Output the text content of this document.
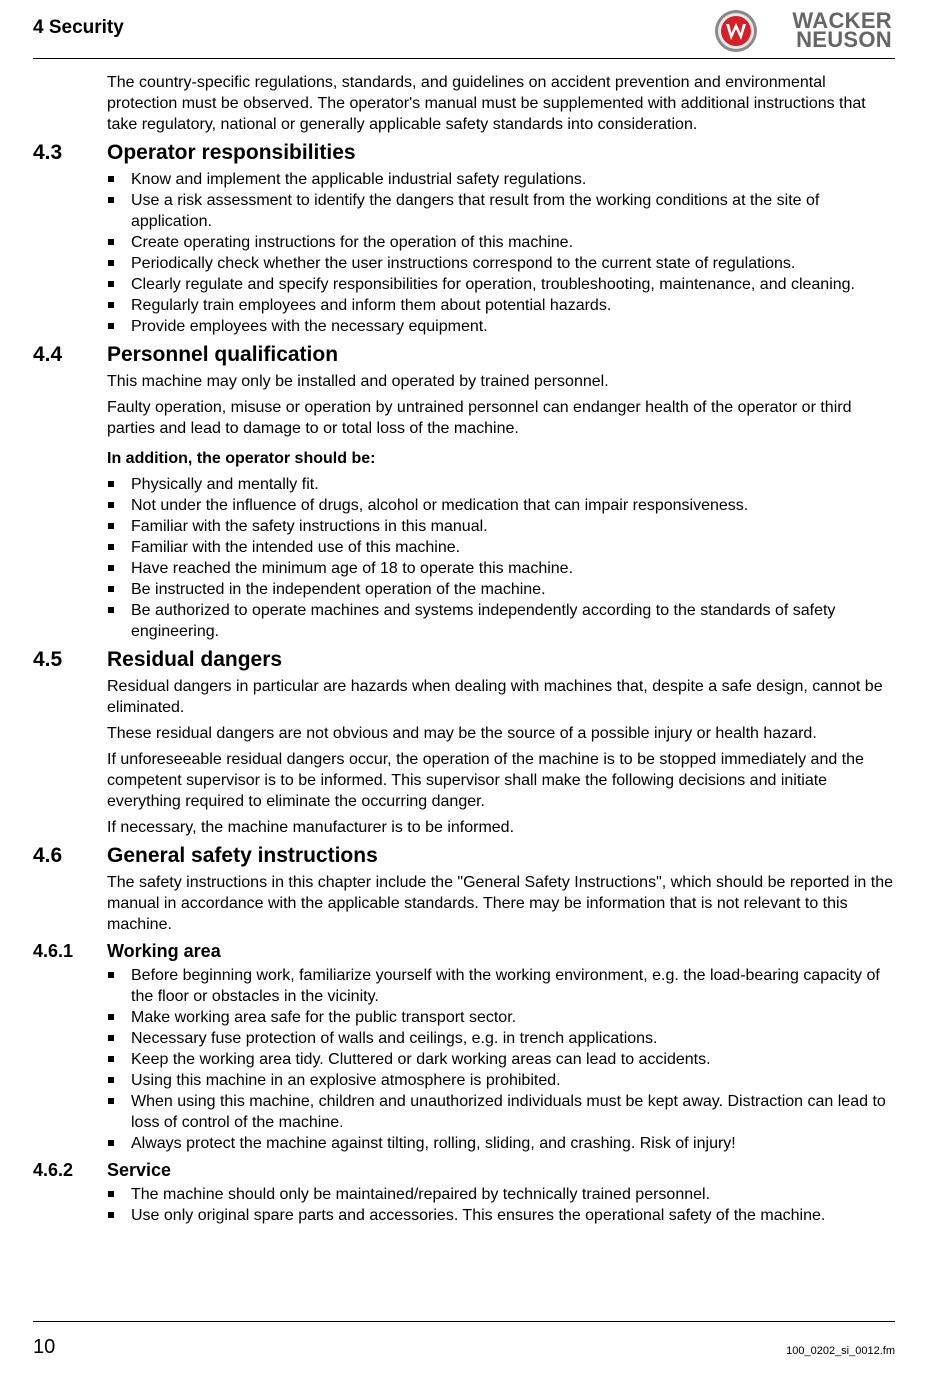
4 Security	WACKER
NEUSON

The country-specific regulations, standards, and guidelines on accident prevention and environmental protection must be observed. The operator's manual must be supplemented with additional instructions that take regulatory, national or generally applicable safety standards into consideration.

4.3 Operator responsibilities
Know and implement the applicable industrial safety regulations.
Use a risk assessment to identify the dangers that result from the working conditions at the site of application.
Create operating instructions for the operation of this machine.
Periodically check whether the user instructions correspond to the current state of regulations.
Clearly regulate and specify responsibilities for operation, troubleshooting, maintenance, and cleaning.
Regularly train employees and inform them about potential hazards.
Provide employees with the necessary equipment.
4.4 Personnel qualification

This machine may only be installed and operated by trained personnel.

Faulty operation, misuse or operation by untrained personnel can endanger health of the operator or third parties and lead to damage to or total loss of the machine.

In addition, the operator should be:

Physically and mentally fit.
Not under the influence of drugs, alcohol or medication that can impair responsiveness.
Familiar with the safety instructions in this manual.
Familiar with the intended use of this machine.
Have reached the minimum age of 18 to operate this machine.
Be instructed in the independent operation of the machine.
Be authorized to operate machines and systems independently according to the standards of safety engineering.
4.5 Residual dangers

Residual dangers in particular are hazards when dealing with machines that, despite a safe design, cannot be eliminated.

These residual dangers are not obvious and may be the source of a possible injury or health hazard.

If unforeseeable residual dangers occur, the operation of the machine is to be stopped immediately and the competent supervisor is to be informed. This supervisor shall make the following decisions and initiate everything required to eliminate the occurring danger.

If necessary, the machine manufacturer is to be informed.

4.6 General safety instructions

The safety instructions in this chapter include the "General Safety Instructions", which should be reported in the manual in accordance with the applicable standards. There may be information that is not relevant to this machine.

4.6.1 Working area
Before beginning work, familiarize yourself with the working environment, e.g. the load-bearing capacity of the floor or obstacles in the vicinity.
Make working area safe for the public transport sector.
Necessary fuse protection of walls and ceilings, e.g. in trench applications.
Keep the working area tidy. Cluttered or dark working areas can lead to accidents.
Using this machine in an explosive atmosphere is prohibited.
When using this machine, children and unauthorized individuals must be kept away. Distraction can lead to loss of control of the machine.
Always protect the machine against tilting, rolling, sliding, and crashing. Risk of injury!
4.6.2 Service
The machine should only be maintained/repaired by technically trained personnel.
Use only original spare parts and accessories. This ensures the operational safety of the machine.
10	100_0202_si_0012.fm
